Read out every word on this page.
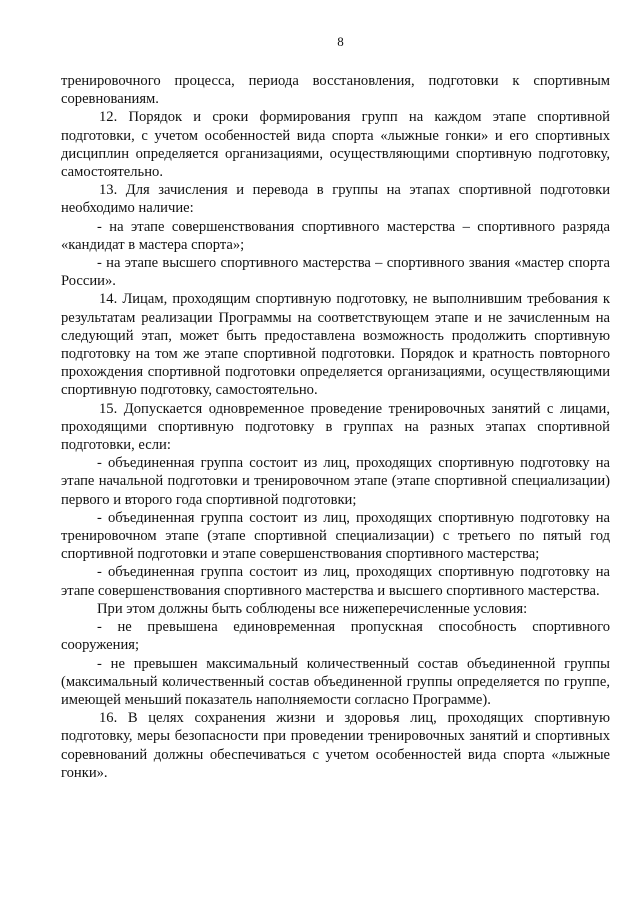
8

тренировочного процесса, периода восстановления, подготовки к спортивным соревнованиям.

12. Порядок и сроки формирования групп на каждом этапе спортивной подготовки, с учетом особенностей вида спорта «лыжные гонки» и его спортивных дисциплин определяется организациями, осуществляющими спортивную подготовку, самостоятельно.

13. Для зачисления и перевода в группы на этапах спортивной подготовки необходимо наличие:

- на этапе совершенствования спортивного мастерства – спортивного разряда «кандидат в мастера спорта»;

- на этапе высшего спортивного мастерства – спортивного звания «мастер спорта России».

14. Лицам, проходящим спортивную подготовку, не выполнившим требования к результатам реализации Программы на соответствующем этапе и не зачисленным на следующий этап, может быть предоставлена возможность продолжить спортивную подготовку на том же этапе спортивной подготовки. Порядок и кратность повторного прохождения спортивной подготовки определяется организациями, осуществляющими спортивную подготовку, самостоятельно.

15. Допускается одновременное проведение тренировочных занятий с лицами, проходящими спортивную подготовку в группах на разных этапах спортивной подготовки, если:

- объединенная группа состоит из лиц, проходящих спортивную подготовку на этапе начальной подготовки и тренировочном этапе (этапе спортивной специализации) первого и второго года спортивной подготовки;

- объединенная группа состоит из лиц, проходящих спортивную подготовку на тренировочном этапе (этапе спортивной специализации) с третьего по пятый год спортивной подготовки и этапе совершенствования спортивного мастерства;

- объединенная группа состоит из лиц, проходящих спортивную подготовку на этапе совершенствования спортивного мастерства и высшего спортивного мастерства.

При этом должны быть соблюдены все нижеперечисленные условия:

- не превышена единовременная пропускная способность спортивного сооружения;

- не превышен максимальный количественный состав объединенной группы (максимальный количественный состав объединенной группы определяется по группе, имеющей меньший показатель наполняемости согласно Программе).

16. В целях сохранения жизни и здоровья лиц, проходящих спортивную подготовку, меры безопасности при проведении тренировочных занятий и спортивных соревнований должны обеспечиваться с учетом особенностей вида спорта «лыжные гонки».
